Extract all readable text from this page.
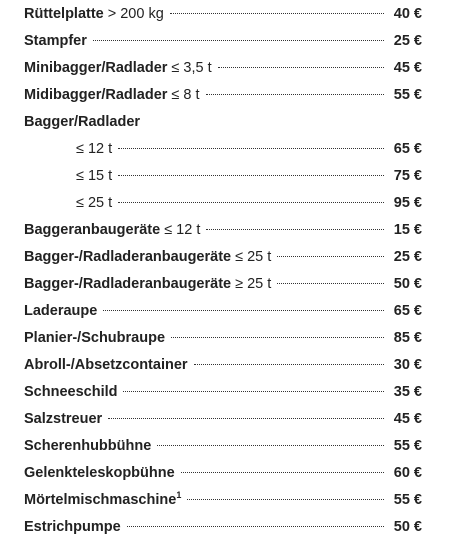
Rüttelplatte > 200 kg	40 €
Stampfer	25 €
Minibagger/Radlader ≤ 3,5 t	45 €
Midibagger/Radlader ≤ 8 t	55 €
Bagger/Radlader
≤ 12 t	65 €
≤ 15 t	75 €
≤ 25 t	95 €
Baggeranbaugeräte ≤ 12 t	15 €
Bagger-/Radladeranbaugeräte ≤ 25 t	25 €
Bagger-/Radladeranbaugeräte ≥ 25 t	50 €
Laderaupe	65 €
Planier-/Schubraupe	85 €
Abroll-/Absetzcontainer	30 €
Schneeschild	35 €
Salzstreuer	45 €
Scherenhubbühne	55 €
Gelenkteleskopbühne	60 €
Mörtelmischmaschine$^1$	55 €
Estrichpumpe	50 €
